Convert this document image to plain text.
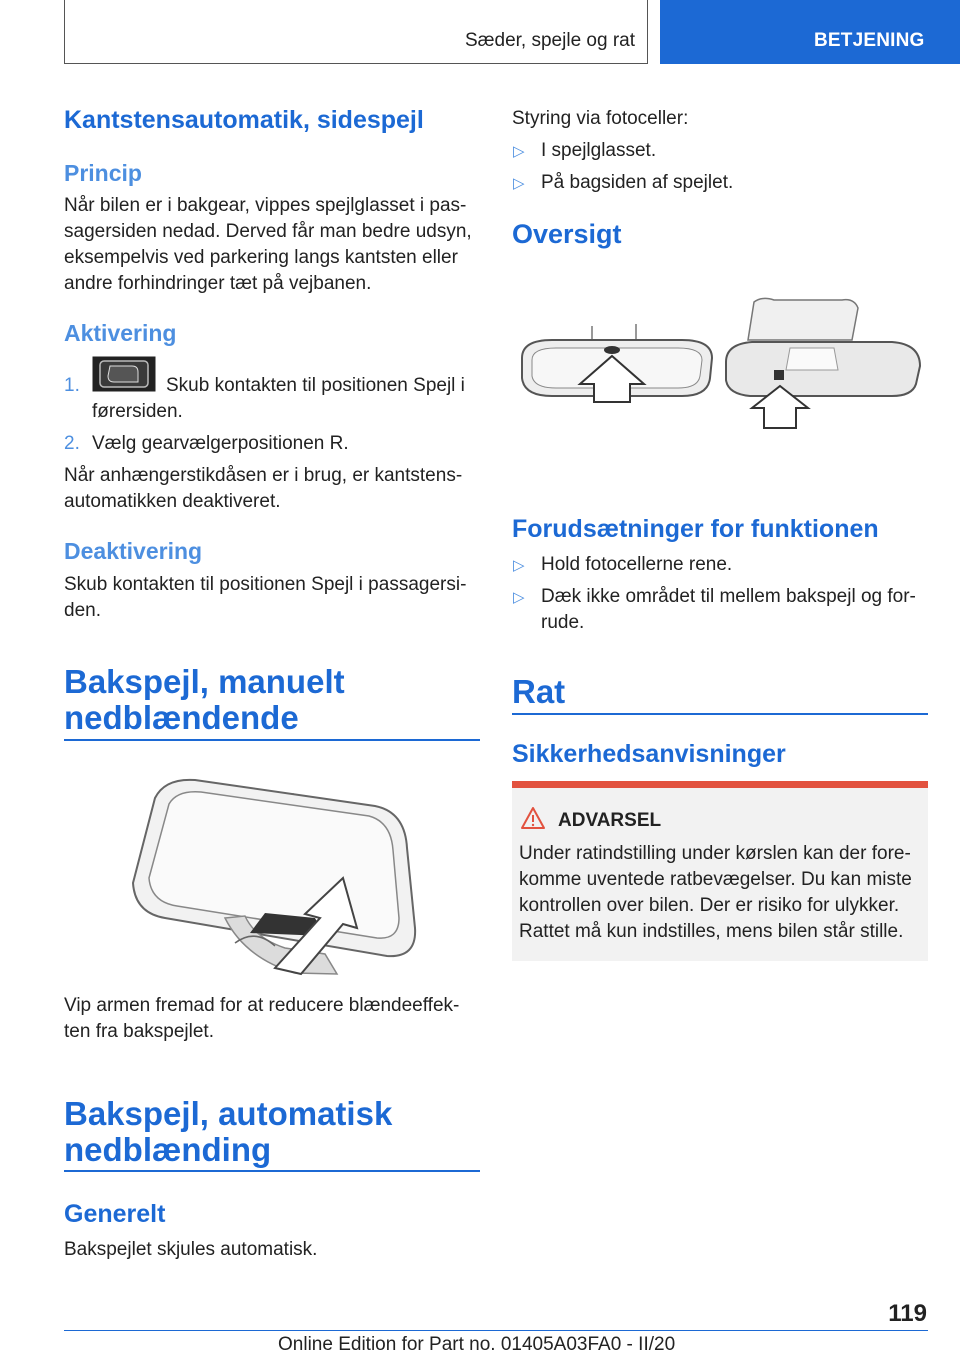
Sæder, spejle og rat	BETJENING
Kantstensautomatik, sidespejl
Princip
Når bilen er i bakgear, vippes spejlglasset i pas-
sagersiden nedad. Derved får man bedre udsyn,
eksempelvis ved parkering langs kantsten eller
andre forhindringer tæt på vejbanen.
Aktivering
1.	Skub kontakten til positionen Spejl i
førersiden.
2. Vælg gearvælgerpositionen R.
Når anhængerstikdåsen er i brug, er kantstens-
automatikken deaktiveret.
Deaktivering
Skub kontakten til positionen Spejl i passagersi-
den.
Bakspejl, manuelt
nedblændende
Vip armen fremad for at reducere blændeeffek-
ten fra bakspejlet.
Bakspejl, automatisk
nedblænding
Generelt
Bakspejlet skjules automatisk.
Styring via fotoceller:
▷ I spejlglasset.
▷ På bagsiden af spejlet.
Oversigt
Forudsætninger for funktionen
▷ Hold fotocellerne rene.
▷ Dæk ikke området til mellem bakspejl og for-
rude.
Rat
Sikkerhedsanvisninger
ADVARSEL
Under ratindstilling under kørslen kan der fore-
komme uventede ratbevægelser. Du kan miste
kontrollen over bilen. Der er risiko for ulykker.
Rattet må kun indstilles, mens bilen står stille.
119
Online Edition for Part no. 01405A03FA0 - II/20
